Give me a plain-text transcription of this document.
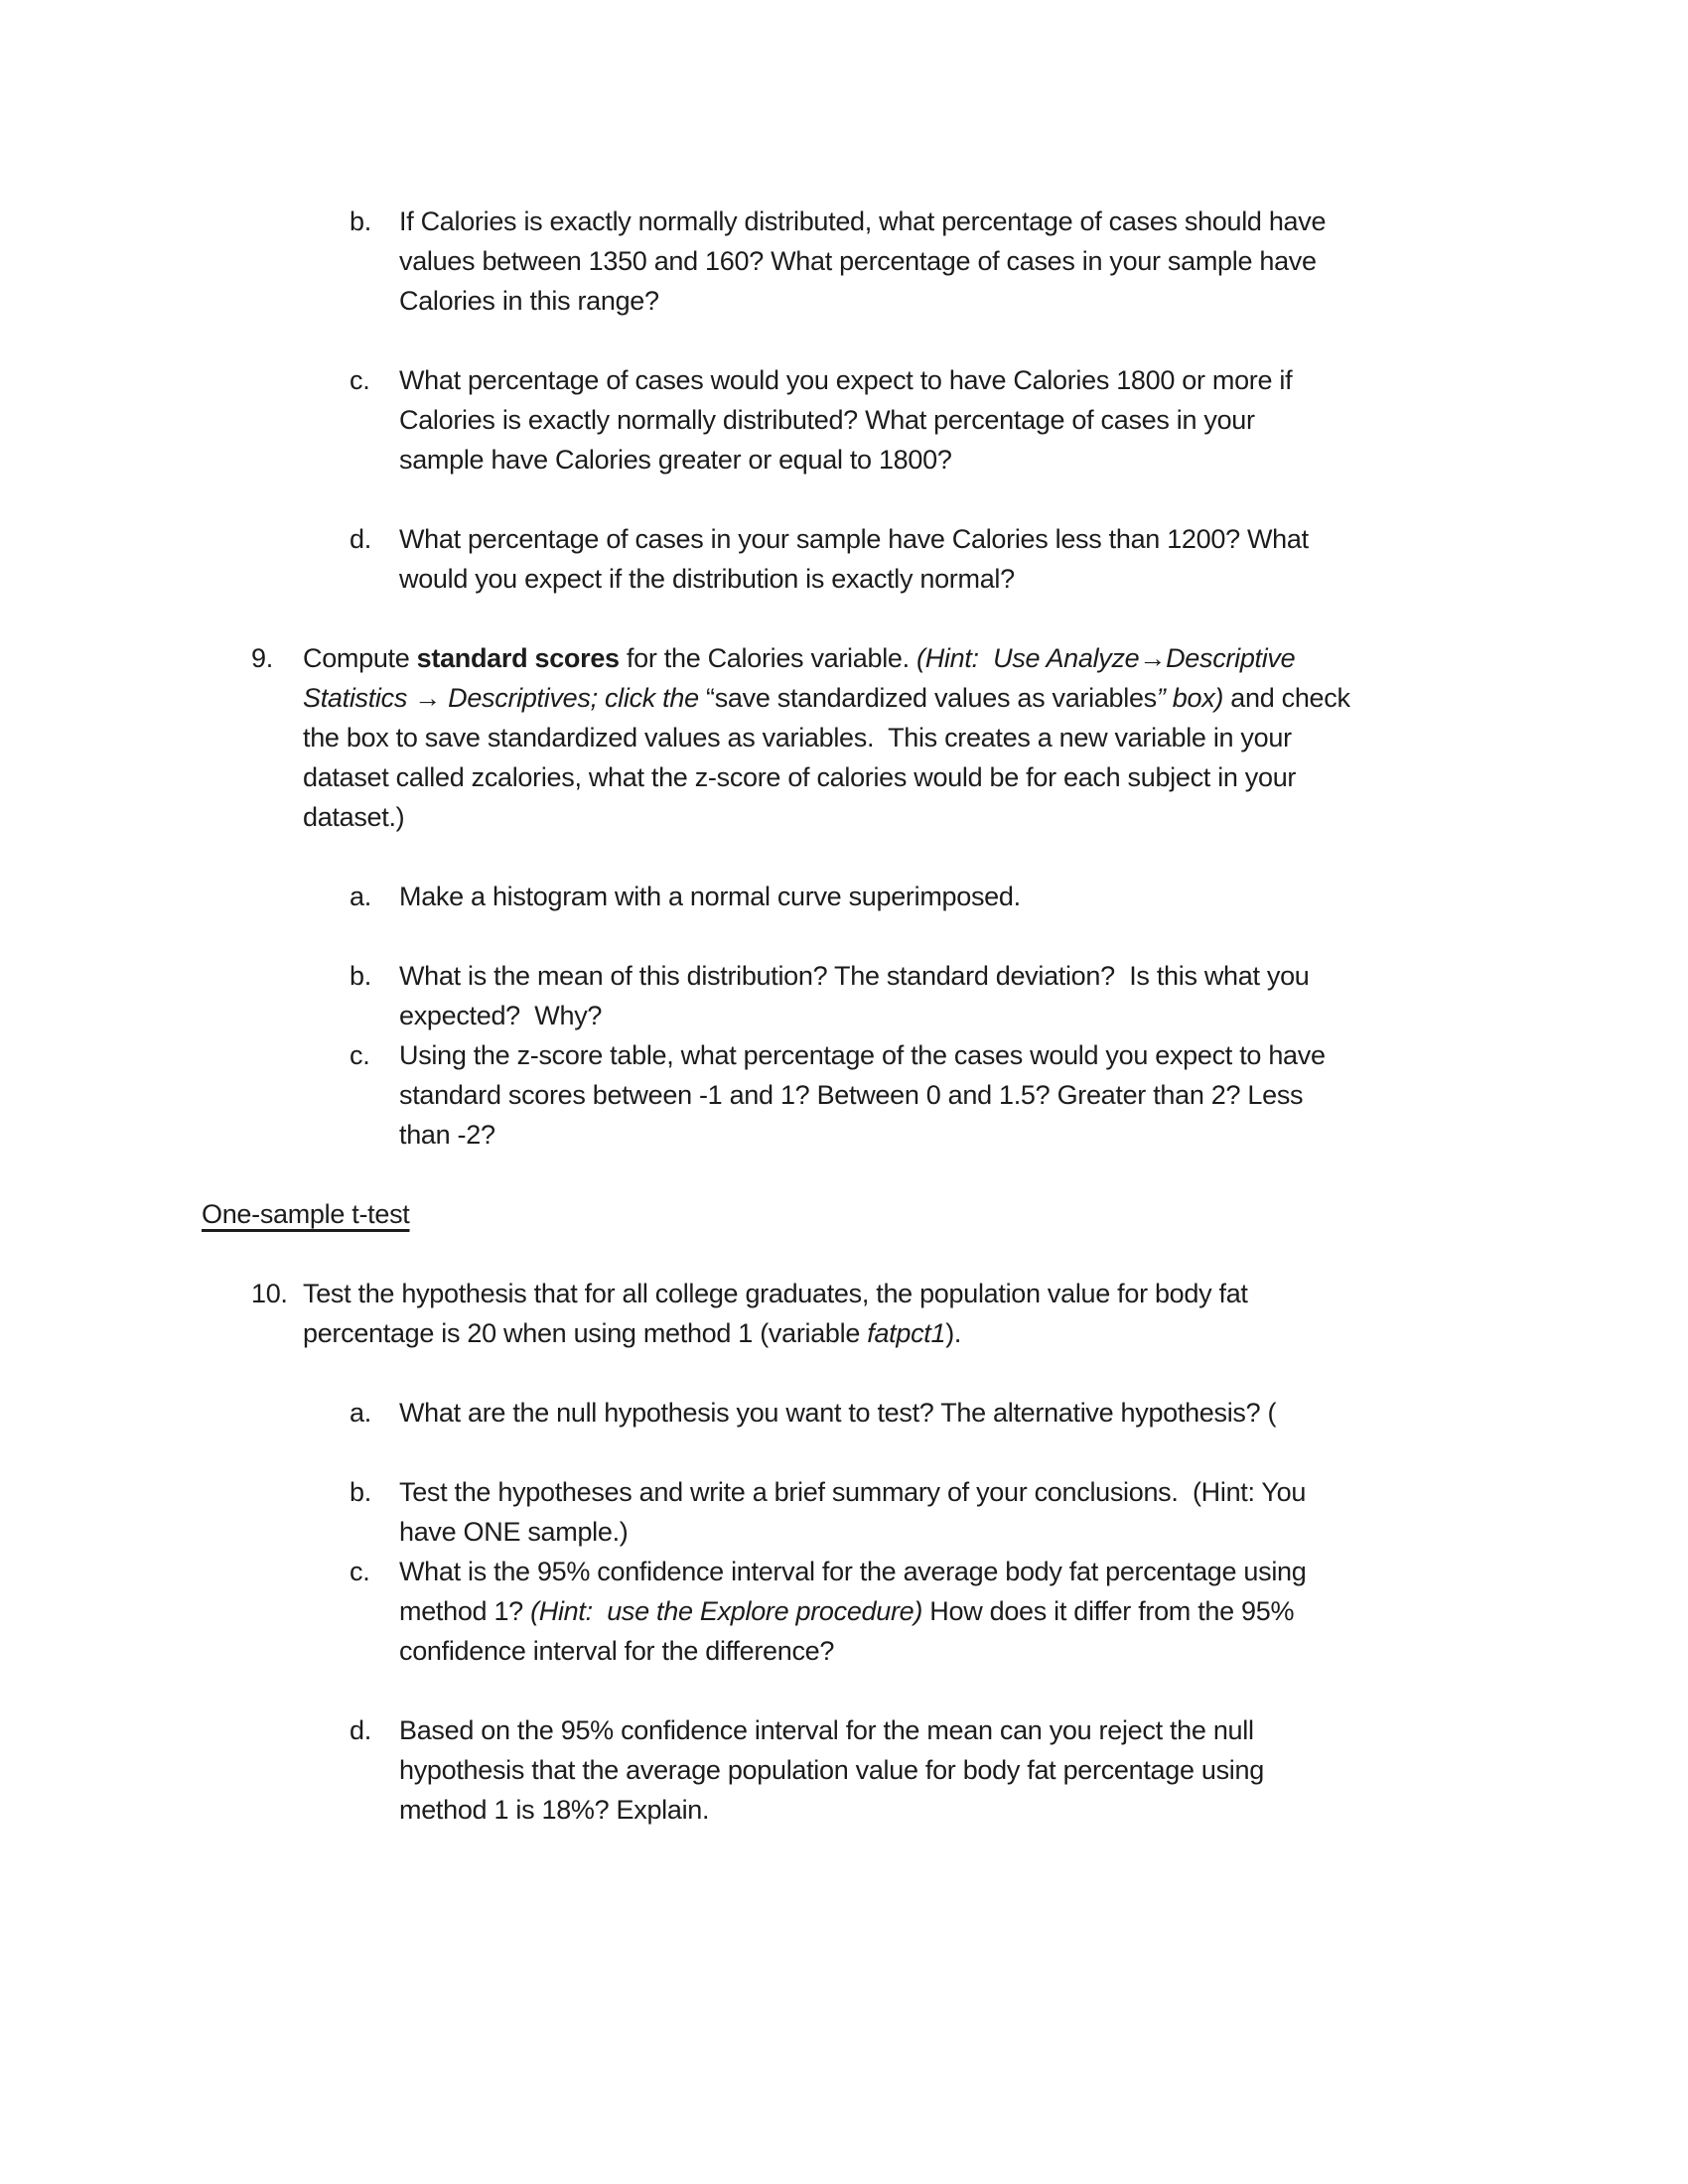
b. If Calories is exactly normally distributed, what percentage of cases should have
values between 1350 and 160? What percentage of cases in your sample have
Calories in this range?
c. What percentage of cases would you expect to have Calories 1800 or more if
Calories is exactly normally distributed? What percentage of cases in your
sample have Calories greater or equal to 1800?
d. What percentage of cases in your sample have Calories less than 1200? What
would you expect if the distribution is exactly normal?
9. Compute standard scores for the Calories variable. (Hint:  Use Analyze→Descriptive
Statistics → Descriptives; click the “save standardized values as variables” box) and check
the box to save standardized values as variables.  This creates a new variable in your
dataset called zcalories, what the z-score of calories would be for each subject in your
dataset.)
a. Make a histogram with a normal curve superimposed.
b. What is the mean of this distribution? The standard deviation?  Is this what you
expected?  Why?
c. Using the z-score table, what percentage of the cases would you expect to have
standard scores between -1 and 1? Between 0 and 1.5? Greater than 2? Less
than -2?
One-sample t-test
10. Test the hypothesis that for all college graduates, the population value for body fat
percentage is 20 when using method 1 (variable fatpct1).
a. What are the null hypothesis you want to test? The alternative hypothesis? (
b. Test the hypotheses and write a brief summary of your conclusions.  (Hint: You
have ONE sample.)
c. What is the 95% confidence interval for the average body fat percentage using
method 1? (Hint:  use the Explore procedure) How does it differ from the 95%
confidence interval for the difference?
d. Based on the 95% confidence interval for the mean can you reject the null
hypothesis that the average population value for body fat percentage using
method 1 is 18%? Explain.
